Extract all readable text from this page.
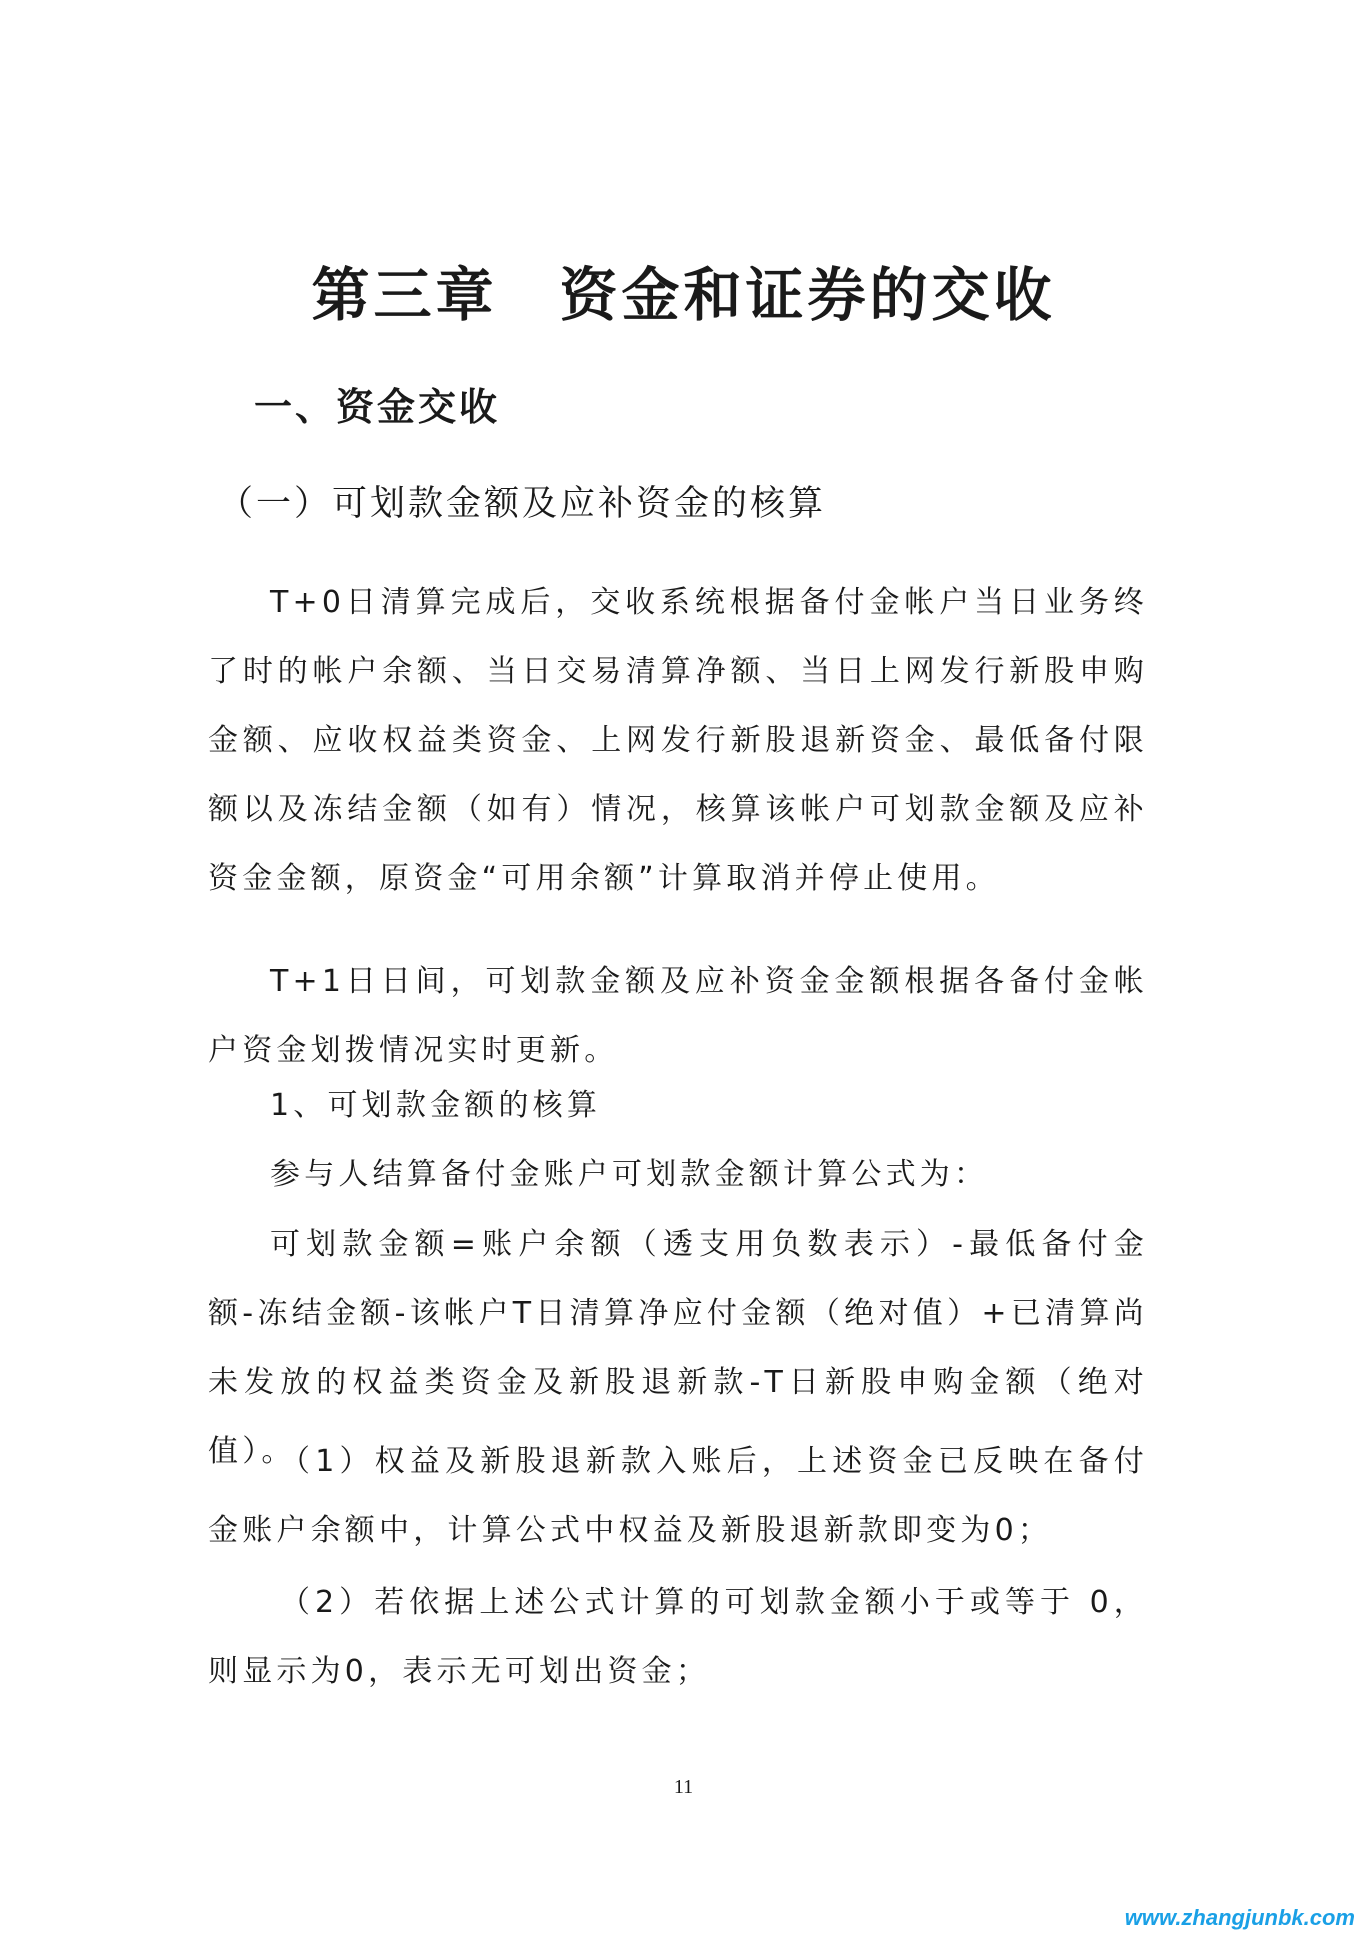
第三章　资金和证券的交收
一、资金交收
（一）可划款金额及应补资金的核算

T+0日清算完成后，交收系统根据备付金帐户当日业务终了时的帐户余额、当日交易清算净额、当日上网发行新股申购金额、应收权益类资金、上网发行新股退新资金、最低备付限额以及冻结金额（如有）情况，核算该帐户可划款金额及应补资金金额，原资金“可用余额”计算取消并停止使用。

T+1日日间，可划款金额及应补资金金额根据各备付金帐户资金划拨情况实时更新。

1、可划款金额的核算

参与人结算备付金账户可划款金额计算公式为：

可划款金额=账户余额（透支用负数表示）-最低备付金额-冻结金额-该帐户T日清算净应付金额（绝对值）+已清算尚未发放的权益类资金及新股退新款-T日新股申购金额（绝对值）。

（1）权益及新股退新款入账后，上述资金已反映在备付金账户余额中，计算公式中权益及新股退新款即变为0；

（2）若依据上述公式计算的可划款金额小于或等于 0，则显示为0，表示无可划出资金；

11
www.zhangjunbk.com
